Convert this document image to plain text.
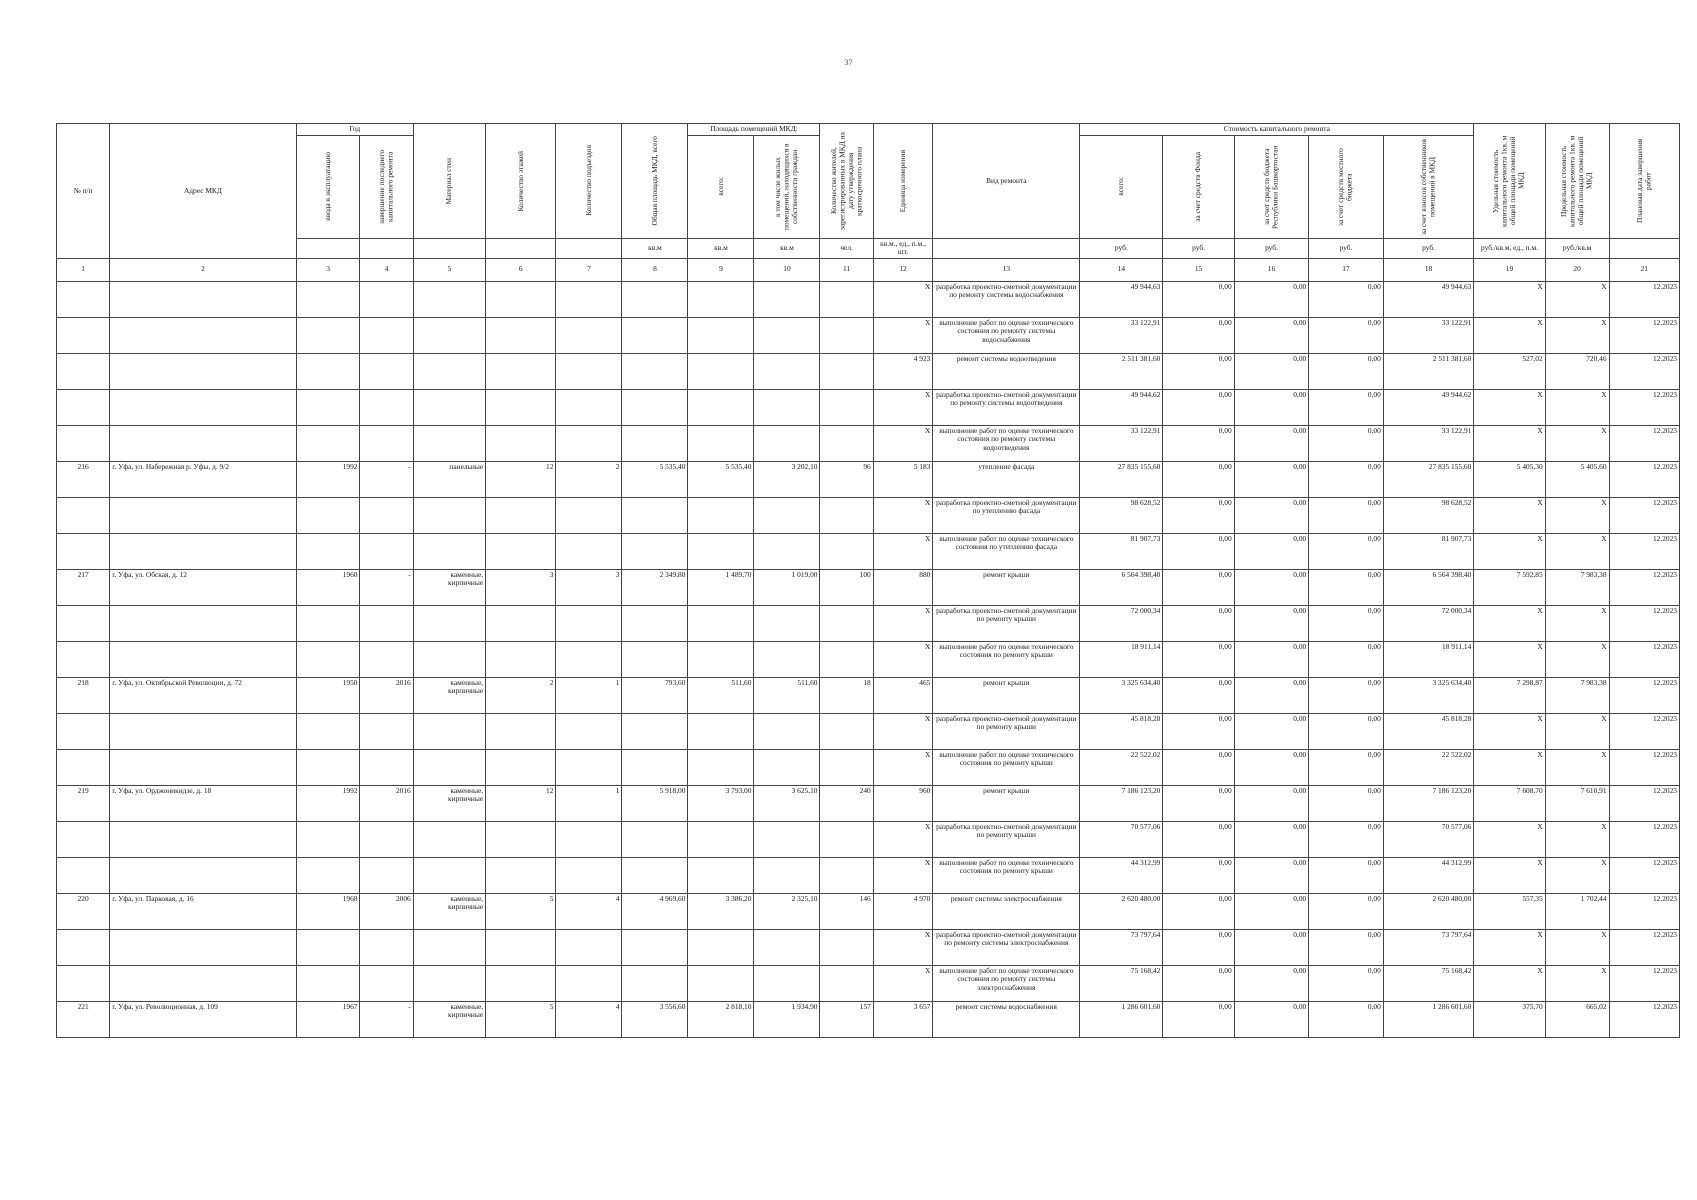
37
№ п/п	Адрес МКД	Год		Материал стен	Количество этажей	Количество подъездов	Общая площадь МКД, всего	Площадь помещений МКД:		Количество жителей, зарегистрированных в МКД на дату утверждения краткосрочного плана	Единица измерения	Вид ремонта	Стоимость капитального ремонта					Удельная стоимость капитального ремонта 1кв. м общей площади помещений МКД	Предельная стоимость капитального ремонта 1кв. м общей площади помещений МКД	Плановая дата завершения работ

		ввода в эксплуатацию	завершение последнего капитального ремонта					всего:	в том числе жилых помещений, находящихся в собственности граждан				всего:	за счет средств Фонда	за счет средств бюджета Республики Башкортостан	за счет средств местного бюджета	за счет взносов собственников помещений в МКД			

							кв.м	кв.м	кв.м	чел.	кв.м., ед., п.м., шт.		руб.	руб.	руб.	руб.	руб.	руб./кв.м, ед., п.м.	руб./кв.м	
1	2	3	4	5	6	7	8	9	10	11	12	13	14	15	16	17	18	19	20	21
											X	разработка проектно-сметной документации по ремонту системы водоснабжения	49 944,63	0,00	0,00	0,00	49 944,63	X	X	12.2023
											X	выполнение работ по оценке технического состояния по ремонту системы водоснабжения	33 122,91	0,00	0,00	0,00	33 122,91	X	X	12.2023
											4 923	ремонт системы водоотведения	2 511 381,60	0,00	0,00	0,00	2 511 381,60	527,02	720,46	12.2023
											X	разработка проектно-сметной документации по ремонту системы водоотведения	49 944,62	0,00	0,00	0,00	49 944,62	X	X	12.2023
											X	выполнение работ по оценке технического состояния по ремонту системы водоотведения	33 122,91	0,00	0,00	0,00	33 122,91	X	X	12.2023
216	г. Уфа, ул. Набережная р. Уфы, д. 9/2	1992	-	панельные	12	2	5 535,40	5 535,40	3 202,10	96	5 183	утепление фасада	27 835 155,60	0,00	0,00	0,00	27 835 155,60	5 405,30	5 405,60	12.2023
											X	разработка проектно-сметной документации по утеплению фасада	98 628,52	0,00	0,00	0,00	98 628,52	X	X	12.2023
											X	выполнение работ по оценке технического состояния по утеплению фасада	81 907,73	0,00	0,00	0,00	81 907,73	X	X	12.2023
217	г. Уфа, ул. Обская, д. 12	1960	-	каменные, кирпичные	3	3	2 349,80	1 489,70	1 019,00	100	880	ремонт крыши	6 564 398,40	0,00	0,00	0,00	6 564 398,40	7 592,85	7 983,38	12.2023
											X	разработка проектно-сметной документации по ремонту крыши	72 000,34	0,00	0,00	0,00	72 000,34	X	X	12.2023
											X	выполнение работ по оценке технического состояния по ремонту крыши	18 911,14	0,00	0,00	0,00	18 911,14	X	X	12.2023
218	г. Уфа, ул. Октябрьской Революции, д. 72	1950	2016	каменные, кирпичные	2	1	793,60	511,60	511,60	18	465	ремонт крыши	3 325 634,40	0,00	0,00	0,00	3 325 634,40	7 298,87	7 983,38	12.2023
											X	разработка проектно-сметной документации по ремонту крыши	45 818,28	0,00	0,00	0,00	45 818,28	X	X	12.2023
											X	выполнение работ по оценке технического состояния по ремонту крыши	22 522,02	0,00	0,00	0,00	22 522,02	X	X	12.2023
219	г. Уфа, ул. Орджоникидзе, д. 18	1992	2016	каменные, кирпичные	12	1	5 918,00	3 793,00	3 625,10	240	960	ремонт крыши	7 186 123,20	0,00	0,00	0,00	7 186 123,20	7 608,70	7 610,91	12.2023
											X	разработка проектно-сметной документации по ремонту крыши	70 577,06	0,00	0,00	0,00	70 577,06	X	X	12.2023
											X	выполнение работ по оценке технического состояния по ремонту крыши	44 312,99	0,00	0,00	0,00	44 312,99	X	X	12.2023
220	г. Уфа, ул. Парковая, д. 16	1968	2006	каменные, кирпичные	5	4	4 969,60	3 386,20	2 325,10	146	4 970	ремонт системы электроснабжения	2 620 480,00	0,00	0,00	0,00	2 620 480,00	557,35	1 702,44	12.2023
											X	разработка проектно-сметной документации по ремонту системы электроснабжения	73 797,64	0,00	0,00	0,00	73 797,64	X	X	12.2023
											X	выполнение работ по оценке технического состояния по ремонту системы электроснабжения	75 168,42	0,00	0,00	0,00	75 168,42	X	X	12.2023
221	г. Уфа, ул. Революционная, д. 109	1967	-	каменные, кирпичные	5	4	3 556,60	2 818,10	1 934,90	157	3 657	ремонт системы водоснабжения	1 286 601,60	0,00	0,00	0,00	1 286 601,60	375,70	665,02	12.2023
